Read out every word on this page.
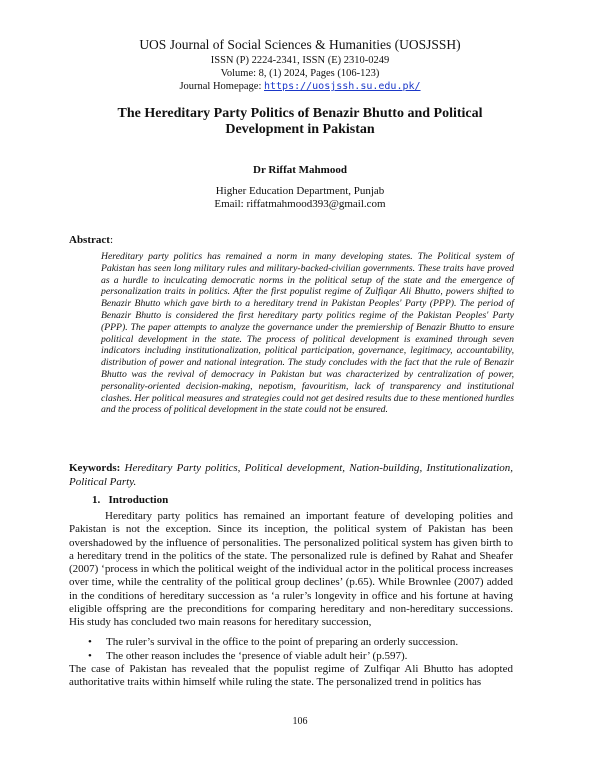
UOS Journal of Social Sciences & Humanities (UOSJSSH)
ISSN (P) 2224-2341, ISSN (E) 2310-0249
Volume: 8, (1) 2024, Pages (106-123)
Journal Homepage: https://uosjssh.su.edu.pk/
The Hereditary Party Politics of Benazir Bhutto and Political Development in Pakistan
Dr Riffat Mahmood
Higher Education Department, Punjab
Email: riffatmahmood393@gmail.com
Abstract:
Hereditary party politics has remained a norm in many developing states. The Political system of Pakistan has seen long military rules and military-backed-civilian governments. These traits have proved as a hurdle to inculcating democratic norms in the political setup of the state and the emergence of personalization traits in politics. After the first populist regime of Zulfiqar Ali Bhutto, powers shifted to Benazir Bhutto which gave birth to a hereditary trend in Pakistan Peoples' Party (PPP). The period of Benazir Bhutto is considered the first hereditary party politics regime of the Pakistan Peoples' Party (PPP). The paper attempts to analyze the governance under the premiership of Benazir Bhutto to ensure political development in the state. The process of political development is examined through seven indicators including institutionalization, political participation, governance, legitimacy, accountability, distribution of power and national integration. The study concludes with the fact that the rule of Benazir Bhutto was the revival of democracy in Pakistan but was characterized by centralization of power, personality-oriented decision-making, nepotism, favouritism, lack of transparency and institutional clashes. Her political measures and strategies could not get desired results due to these mentioned hurdles and the process of political development in the state could not be ensured.
Keywords: Hereditary Party politics, Political development, Nation-building, Institutionalization, Political Party.
1.   Introduction
Hereditary party politics has remained an important feature of developing polities and Pakistan is not the exception. Since its inception, the political system of Pakistan has been overshadowed by the influence of personalities. The personalized political system has given birth to a hereditary trend in the politics of the state. The personalized rule is defined by Rahat and Sheafer (2007) ‘process in which the political weight of the individual actor in the political process increases over time, while the centrality of the political group declines’ (p.65). While Brownlee (2007) added in the conditions of hereditary succession as ‘a ruler’s longevity in office and his fortune at having eligible offspring are the preconditions for comparing hereditary and non-hereditary successions. His study has concluded two main reasons for hereditary succession,
• The ruler’s survival in the office to the point of preparing an orderly succession.
• The other reason includes the ‘presence of viable adult heir’ (p.597).
The case of Pakistan has revealed that the populist regime of Zulfiqar Ali Bhutto has adopted authoritative traits within himself while ruling the state. The personalized trend in politics has
106
